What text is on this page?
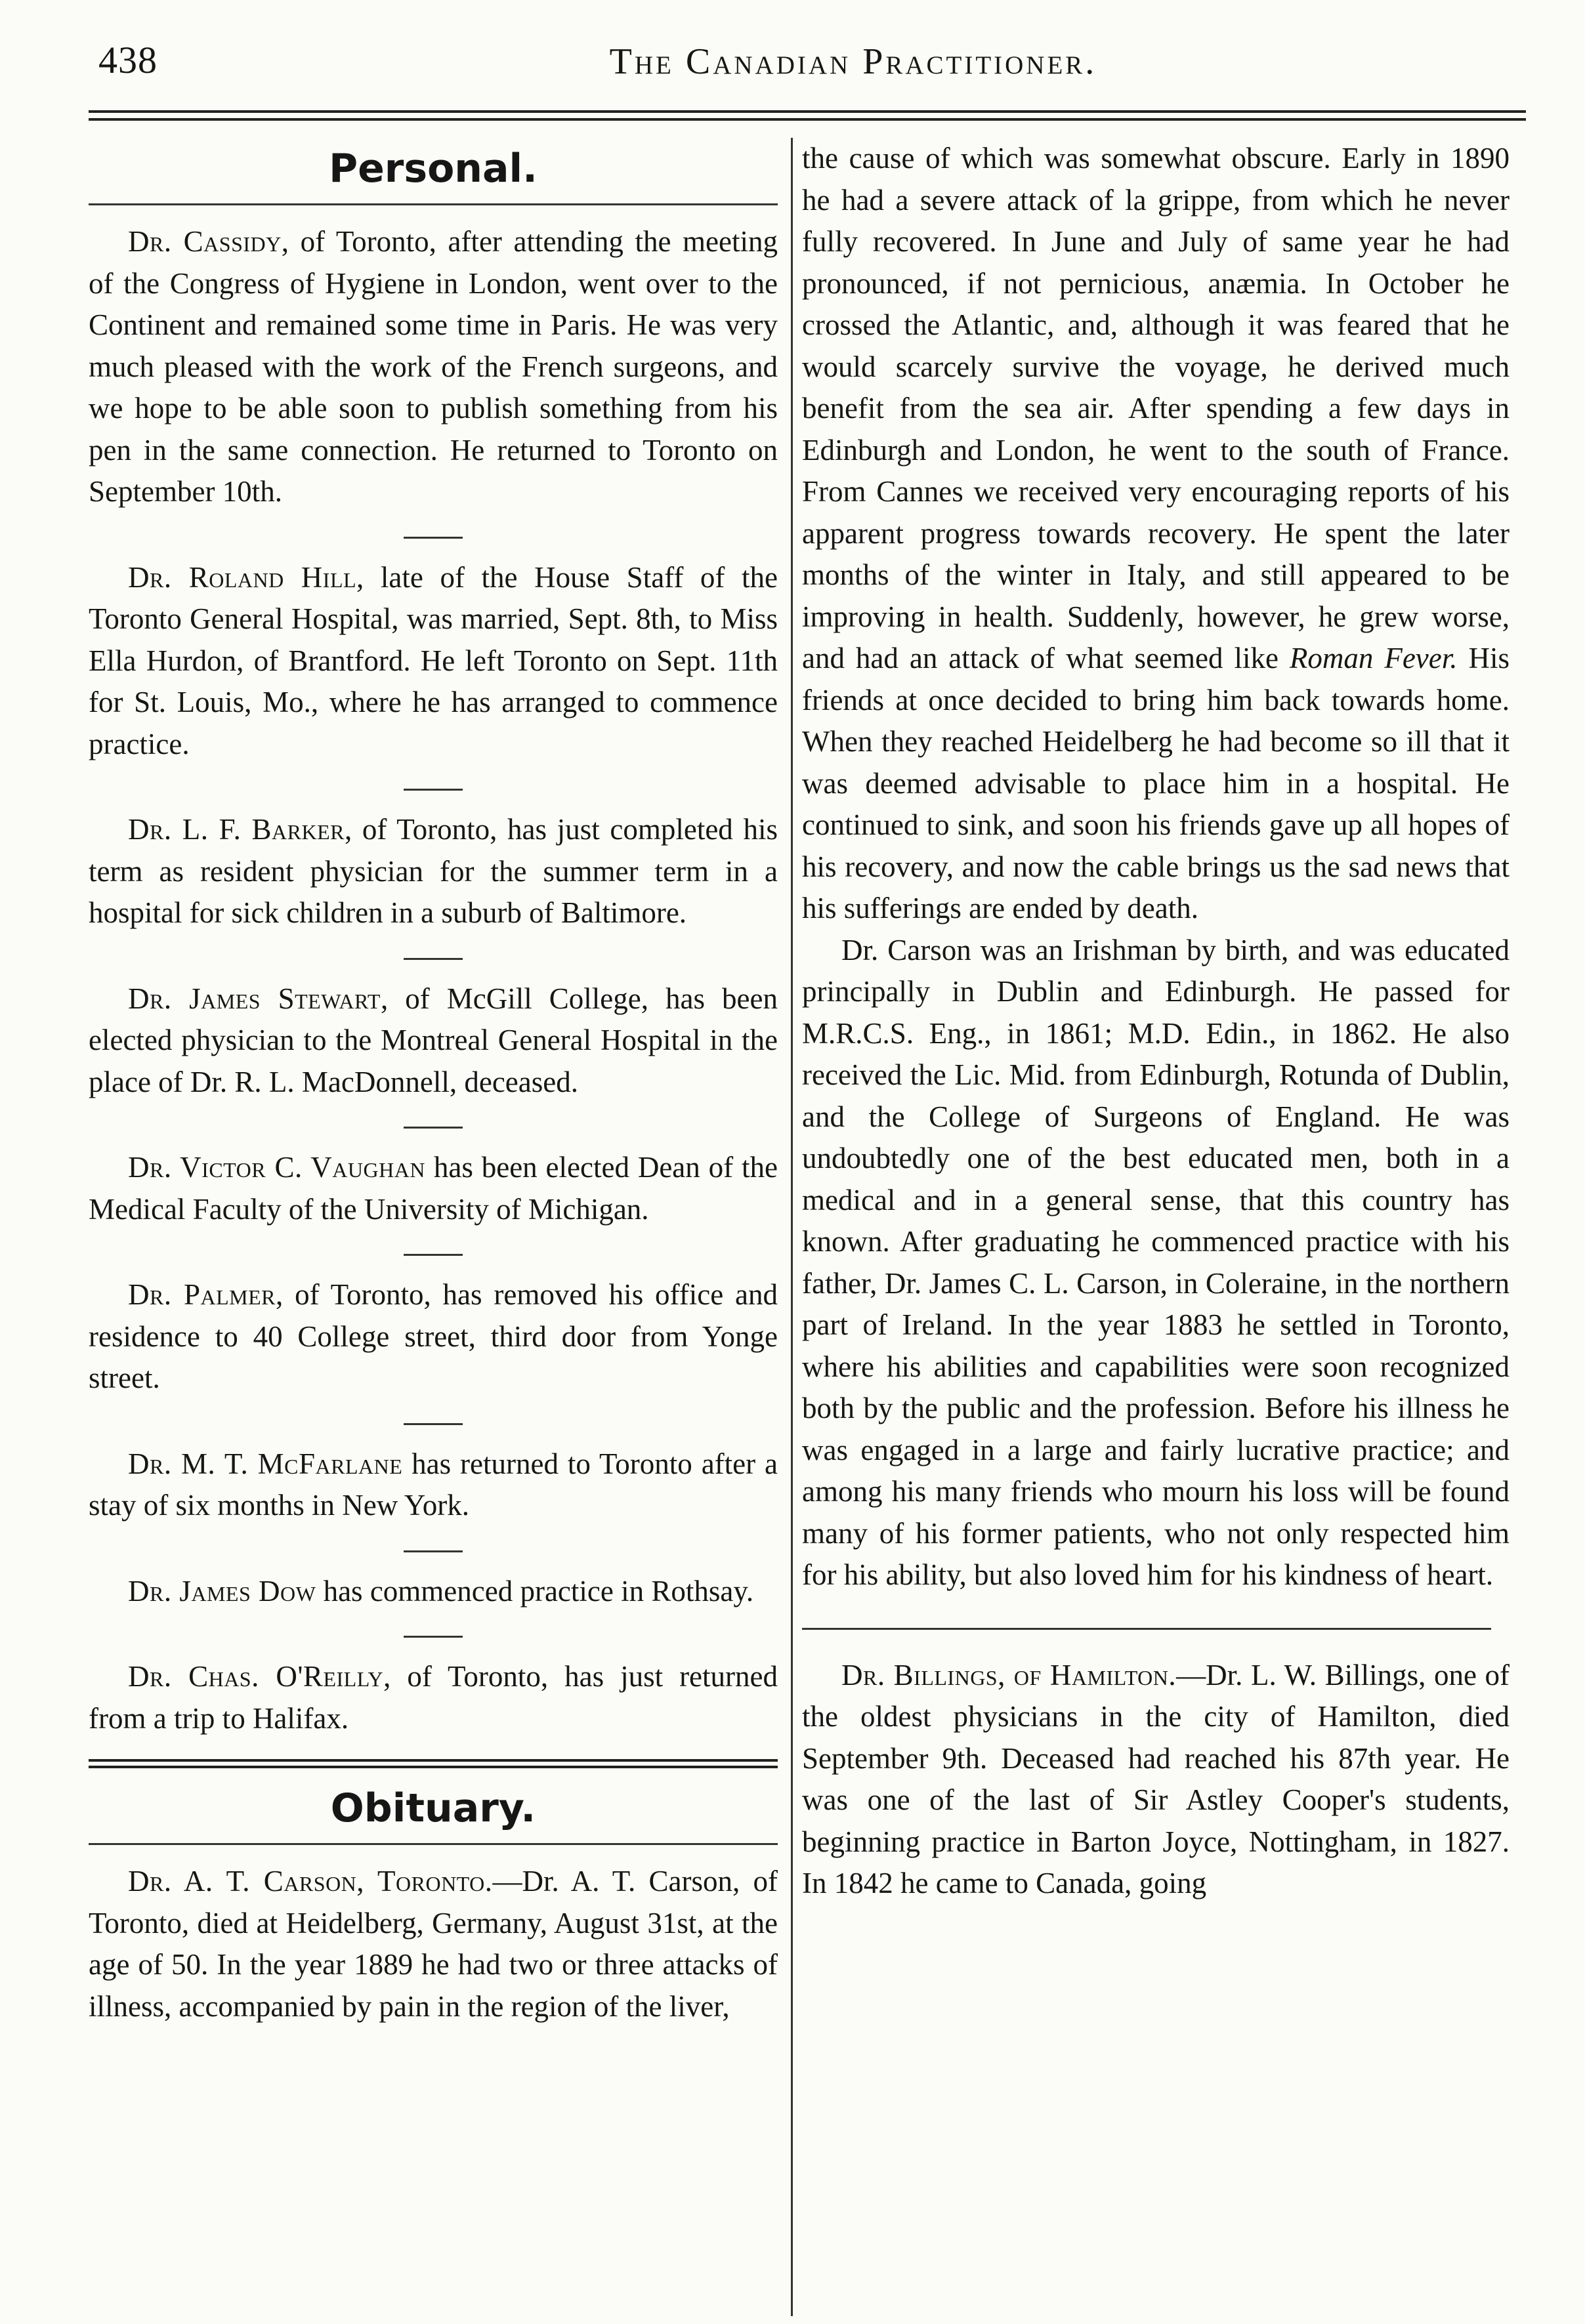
438	The Canadian Practitioner.
Personal.

Dr. Cassidy, of Toronto, after attending the meeting of the Congress of Hygiene in London, went over to the Continent and remained some time in Paris. He was very much pleased with the work of the French surgeons, and we hope to be able soon to publish something from his pen in the same connection. He returned to Toronto on September 10th.

Dr. Roland Hill, late of the House Staff of the Toronto General Hospital, was married, Sept. 8th, to Miss Ella Hurdon, of Brantford. He left Toronto on Sept. 11th for St. Louis, Mo., where he has arranged to commence practice.

Dr. L. F. Barker, of Toronto, has just completed his term as resident physician for the summer term in a hospital for sick children in a suburb of Baltimore.

Dr. James Stewart, of McGill College, has been elected physician to the Montreal General Hospital in the place of Dr. R. L. MacDonnell, deceased.

Dr. Victor C. Vaughan has been elected Dean of the Medical Faculty of the University of Michigan.

Dr. Palmer, of Toronto, has removed his office and residence to 40 College street, third door from Yonge street.

Dr. M. T. McFarlane has returned to Toronto after a stay of six months in New York.

Dr. James Dow has commenced practice in Rothsay.

Dr. Chas. O'Reilly, of Toronto, has just returned from a trip to Halifax.

Obituary.

Dr. A. T. Carson, Toronto.—Dr. A. T. Carson, of Toronto, died at Heidelberg, Germany, August 31st, at the age of 50. In the year 1889 he had two or three attacks of illness, accompanied by pain in the region of the liver,

the cause of which was somewhat obscure. Early in 1890 he had a severe attack of la grippe, from which he never fully recovered. In June and July of same year he had pronounced, if not pernicious, anæmia. In October he crossed the Atlantic, and, although it was feared that he would scarcely survive the voyage, he derived much benefit from the sea air. After spending a few days in Edinburgh and London, he went to the south of France. From Cannes we received very encouraging reports of his apparent progress towards recovery. He spent the later months of the winter in Italy, and still appeared to be improving in health. Suddenly, however, he grew worse, and had an attack of what seemed like Roman Fever. His friends at once decided to bring him back towards home. When they reached Heidelberg he had become so ill that it was deemed advisable to place him in a hospital. He continued to sink, and soon his friends gave up all hopes of his recovery, and now the cable brings us the sad news that his sufferings are ended by death.

Dr. Carson was an Irishman by birth, and was educated principally in Dublin and Edinburgh. He passed for M.R.C.S. Eng., in 1861; M.D. Edin., in 1862. He also received the Lic. Mid. from Edinburgh, Rotunda of Dublin, and the College of Surgeons of England. He was undoubtedly one of the best educated men, both in a medical and in a general sense, that this country has known. After graduating he commenced practice with his father, Dr. James C. L. Carson, in Coleraine, in the northern part of Ireland. In the year 1883 he settled in Toronto, where his abilities and capabilities were soon recognized both by the public and the profession. Before his illness he was engaged in a large and fairly lucrative practice; and among his many friends who mourn his loss will be found many of his former patients, who not only respected him for his ability, but also loved him for his kindness of heart.

Dr. Billings, of Hamilton.—Dr. L. W. Billings, one of the oldest physicians in the city of Hamilton, died September 9th. Deceased had reached his 87th year. He was one of the last of Sir Astley Cooper's students, beginning practice in Barton Joyce, Nottingham, in 1827. In 1842 he came to Canada, going
